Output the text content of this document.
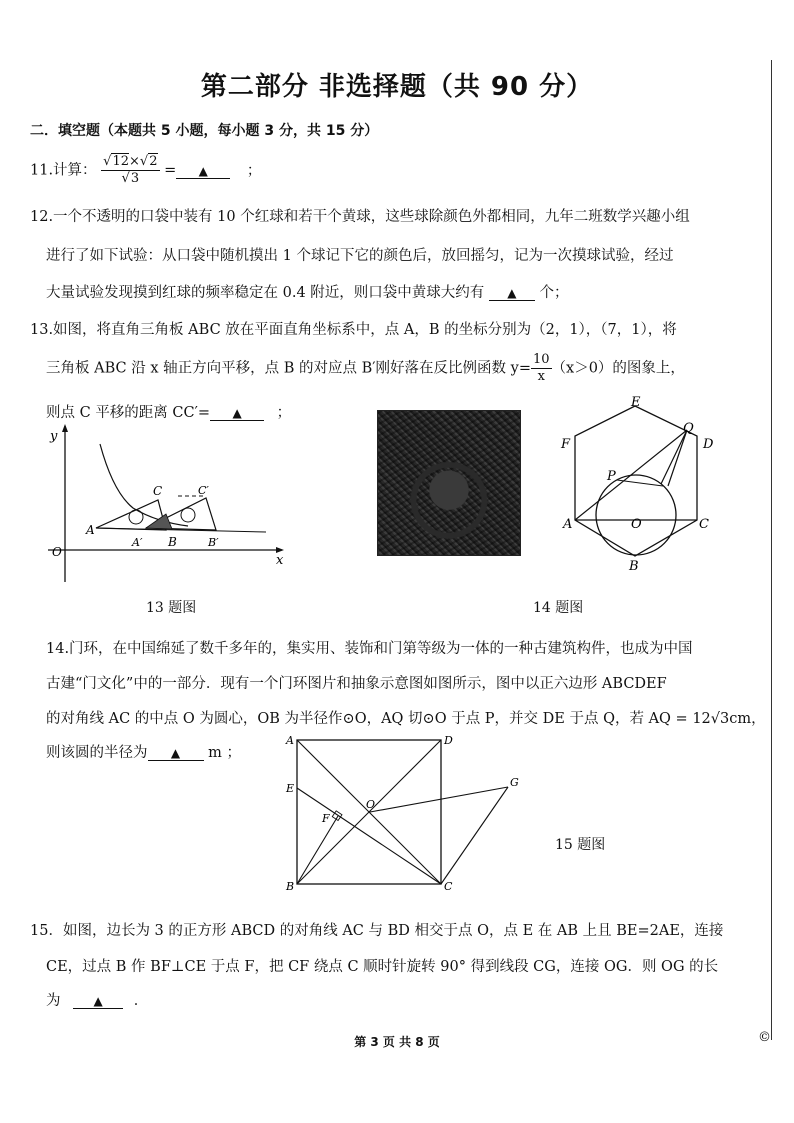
第二部分 非选择题（共 90 分）
二．填空题（本题共 5 小题，每小题 3 分，共 15 分）
11.计算： $\frac{√12\times√2}{√3}$ = ▲	；
12.一个不透明的口袋中装有 10 个红球和若干个黄球，这些球除颜色外都相同，九年二班数学兴趣小组
进行了如下试验：从口袋中随机摸出 1 个球记下它的颜色后，放回摇匀，记为一次摸球试验，经过
大量试验发现摸到红球的频率稳定在 0.4 附近，则口袋中黄球大约有 ▲ 个；
13.如图，将直角三角板 ABC 放在平面直角坐标系中，点 A，B 的坐标分别为（2，1），（7，1），将
三角板 ABC 沿 x 轴正方向平移，点 B 的对应点 B′刚好落在反比例函数 $y= \frac{10}{x} (x>0)$的图象上，
则点 C 平移的距离 CC′= ▲ ；
y
x
O
A
A′ B	B′
C	C′
13 题图
E
F	D
Q
P
A	C
O
B
14 题图
14.门环，在中国绵延了数千多年的，集实用、装饰和门第等级为一体的一种古建筑构件，也成为中国
古建“门文化”中的一部分．现有一个门环图片和抽象示意图如图所示，图中以正六边形 ABCDEF
的对角线 AC 的中点 O 为圆心，OB 为半径作⊙O，AQ 切⊙O 于点 P，并交 DE 于点 Q，若 AQ = 12√3cm，
则该圆的半径为 ▲ m ；
A	D
E
F
O
G
B	C
15 题图
15．如图，边长为 3 的正方形 ABCD 的对角线 AC 与 BD 相交于点 O，点 E 在 AB 上且 BE=2AE，连接
CE，过点 B 作 BF⊥CE 于点 F，把 CF 绕点 C 顺时针旋转 90° 得到线段 CG，连接 OG．则 OG 的长
为	▲ ．
第 3 页 共 8 页	©
